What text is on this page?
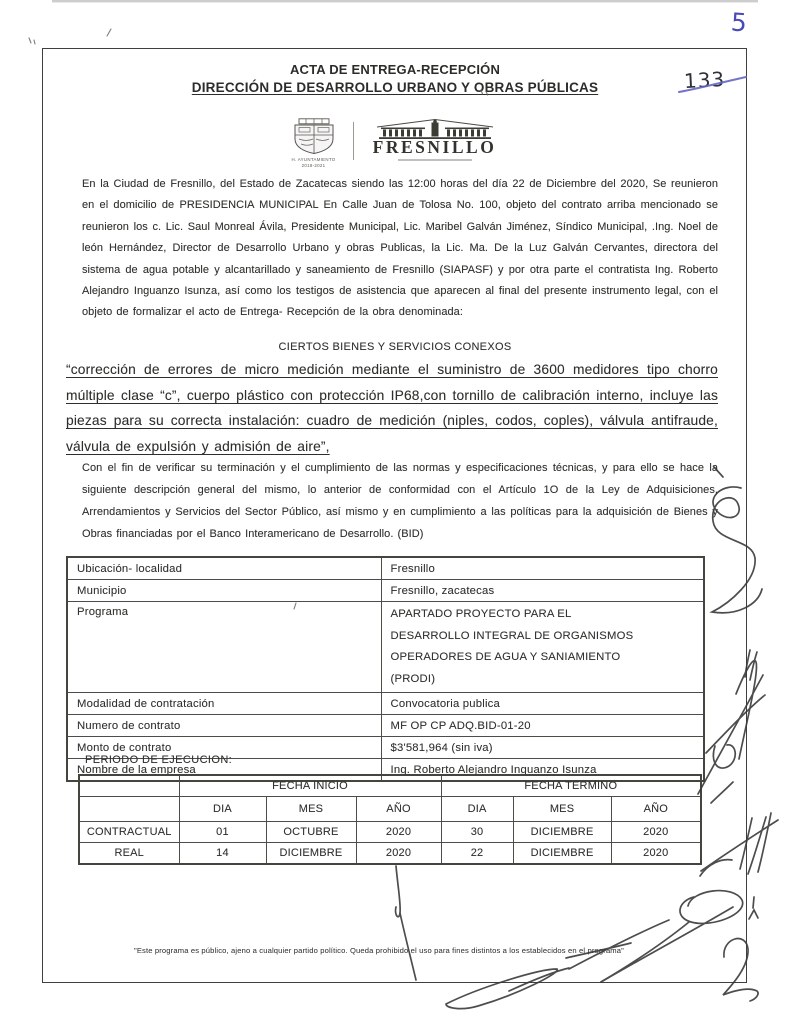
ACTA DE ENTREGA-RECEPCIÓN
DIRECCIÓN DE DESARROLLO URBANO Y OBRAS PÚBLICAS
H. AYUNTAMIENTO
2018-2021
FRESNILLO
En la Ciudad de Fresnillo, del Estado de Zacatecas siendo las 12:00 horas del día 22 de Diciembre del 2020, Se reunieron en el domicilio de PRESIDENCIA MUNICIPAL En Calle Juan de Tolosa No. 100, objeto del contrato arriba mencionado se reunieron los c. Lic. Saul Monreal Ávila, Presidente Municipal, Lic. Maribel Galván Jiménez, Síndico Municipal, .Ing. Noel de león Hernández, Director de Desarrollo Urbano y obras Publicas, la Lic. Ma. De la Luz Galván Cervantes, directora del sistema de agua potable y alcantarillado y saneamiento de Fresnillo (SIAPASF) y por otra parte el contratista Ing. Roberto Alejandro Inguanzo Isunza, así como los testigos de asistencia que aparecen al final del presente instrumento legal, con el objeto de formalizar el acto de Entrega- Recepción de la obra denominada:
CIERTOS BIENES Y SERVICIOS CONEXOS
“corrección de errores de micro medición mediante el suministro de 3600 medidores tipo chorro múltiple clase “c”, cuerpo plástico con protección IP68,con tornillo de calibración interno, incluye las piezas para su correcta instalación: cuadro de medición (niples, codos, coples), válvula antifraude, válvula de expulsión y admisión de aire”,
Con el fin de verificar su terminación y el cumplimiento de las normas y especificaciones técnicas, y para ello se hace la siguiente descripción general del mismo, lo anterior de conformidad con el Artículo 1O de la Ley de Adquisiciones, Arrendamientos y Servicios del Sector Público, así mismo y en cumplimiento a las políticas para la adquisición de Bienes y Obras financiadas por el Banco Interamericano de Desarrollo. (BID)
Ubicación- localidad	Fresnillo
Municipio	Fresnillo, zacatecas
Programa	APARTADO PROYECTO PARA EL DESARROLLO INTEGRAL DE ORGANISMOS OPERADORES DE AGUA Y SANIAMIENTO (PRODI)
Modalidad de contratación	Convocatoria publica
Numero de contrato	MF OP CP ADQ.BID-01-20
Monto de contrato	$3'581,964 (sin iva)
Nombre de la empresa	Ing. Roberto Alejandro Inguanzo Isunza
PERIODO DE EJECUCION:
	FECHA INICIO			FECHA TERMINO		
	DIA	MES	AÑO	DIA	MES	AÑO
CONTRACTUAL	01	OCTUBRE	2020	30	DICIEMBRE	2020
REAL	14	DICIEMBRE	2020	22	DICIEMBRE	2020
"Este programa es público, ajeno a cualquier partido político. Queda prohibido el uso para fines distintos a los establecidos en el programa"
5
133
